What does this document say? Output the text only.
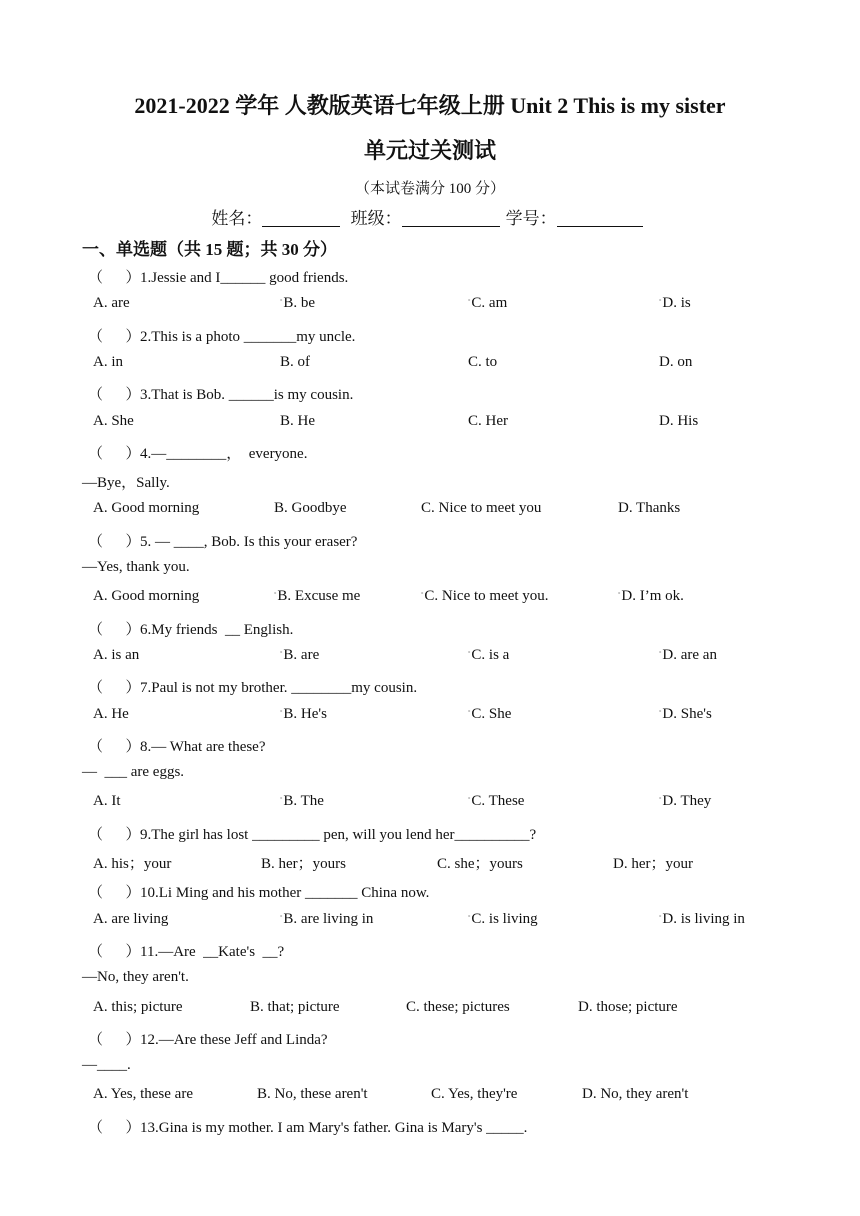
2021-2022 学年 人教版英语七年级上册 Unit 2 This is my sister
单元过关测试
（本试卷满分 100 分）
姓名：	班级：	学号：
一、单选题（共 15 题；共 30 分）
（      ）1.Jessie and I______ good friends.
A. are	°B. be	°C. am	°D. is
（      ）2.This is a photo _______my uncle.
A. in	B. of	C. to	D. on
（      ）3.That is Bob. ______is my cousin.
A. She	B. He	C. Her	D. His
（      ）4.—________，  everyone.
—Bye，Sally.
A. Good morning	B. Goodbye	C. Nice to meet you	D. Thanks
（      ）5. — ____, Bob. Is this your eraser?
—Yes, thank you.
A. Good morning	°B. Excuse me	°C. Nice to meet you.	°D. I’m ok.
（      ）6.My friends  __ English.
A. is an	°B. are	°C. is a	°D. are an
（      ）7.Paul is not my brother. ________my cousin.
A. He	°B. He's	°C. She	°D. She's
（      ）8.— What are these?
—  ___ are eggs.
A. It	°B. The	°C. These	°D. They
（      ）9.The girl has lost _________ pen, will you lend her__________?
A. his；your	B. her；yours	C. she；yours	D. her；your
（      ）10.Li Ming and his mother _______ China now.
A. are living	°B. are living in	°C. is living	°D. is living in
（      ）11.—Are  __Kate's  __?
—No, they aren't.
A. this; picture	B. that; picture	C. these; pictures	D. those; picture
（      ）12.—Are these Jeff and Linda?
—____.
A. Yes, these are	B. No, these aren't	C. Yes, they're	D. No, they aren't
（      ）13.Gina is my mother. I am Mary's father. Gina is Mary's _____.
